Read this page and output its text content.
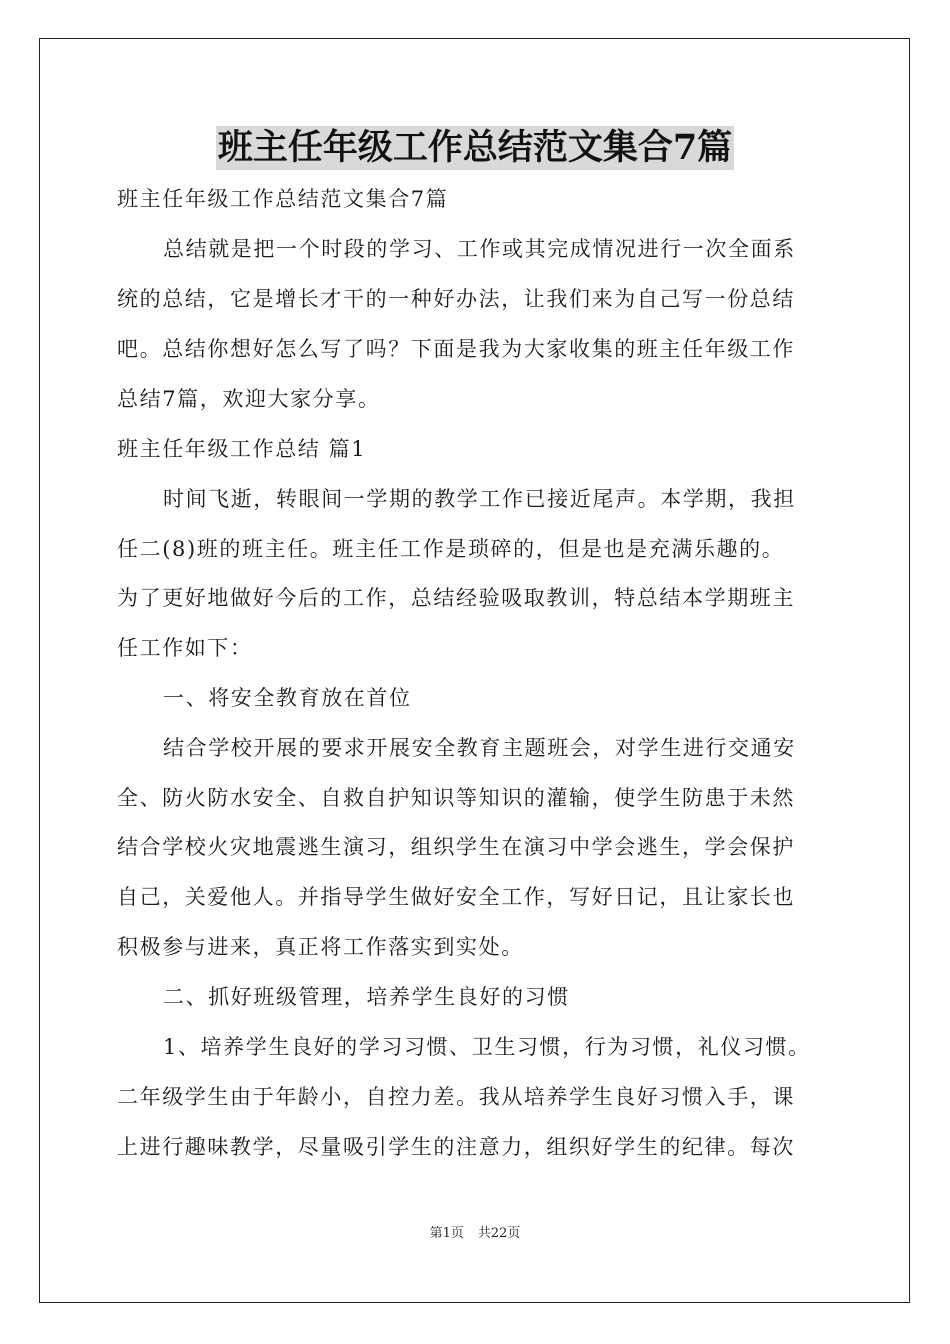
班主任年级工作总结范文集合7篇
班主任年级工作总结范文集合7篇
总结就是把一个时段的学习、工作或其完成情况进行一次全面系
统的总结，它是增长才干的一种好办法，让我们来为自己写一份总结
吧。总结你想好怎么写了吗？下面是我为大家收集的班主任年级工作
总结7篇，欢迎大家分享。
班主任年级工作总结 篇1
时间飞逝，转眼间一学期的教学工作已接近尾声。本学期，我担
任二(8)班的班主任。班主任工作是琐碎的，但是也是充满乐趣的。
为了更好地做好今后的工作，总结经验吸取教训，特总结本学期班主
任工作如下：
一、将安全教育放在首位
结合学校开展的要求开展安全教育主题班会，对学生进行交通安
全、防火防水安全、自救自护知识等知识的灌输，使学生防患于未然
结合学校火灾地震逃生演习，组织学生在演习中学会逃生，学会保护
自己，关爱他人。并指导学生做好安全工作，写好日记，且让家长也
积极参与进来，真正将工作落实到实处。
二、抓好班级管理，培养学生良好的习惯
1、培养学生良好的学习习惯、卫生习惯，行为习惯，礼仪习惯。
二年级学生由于年龄小，自控力差。我从培养学生良好习惯入手，课
上进行趣味教学，尽量吸引学生的注意力，组织好学生的纪律。每次
第1页 共22页
